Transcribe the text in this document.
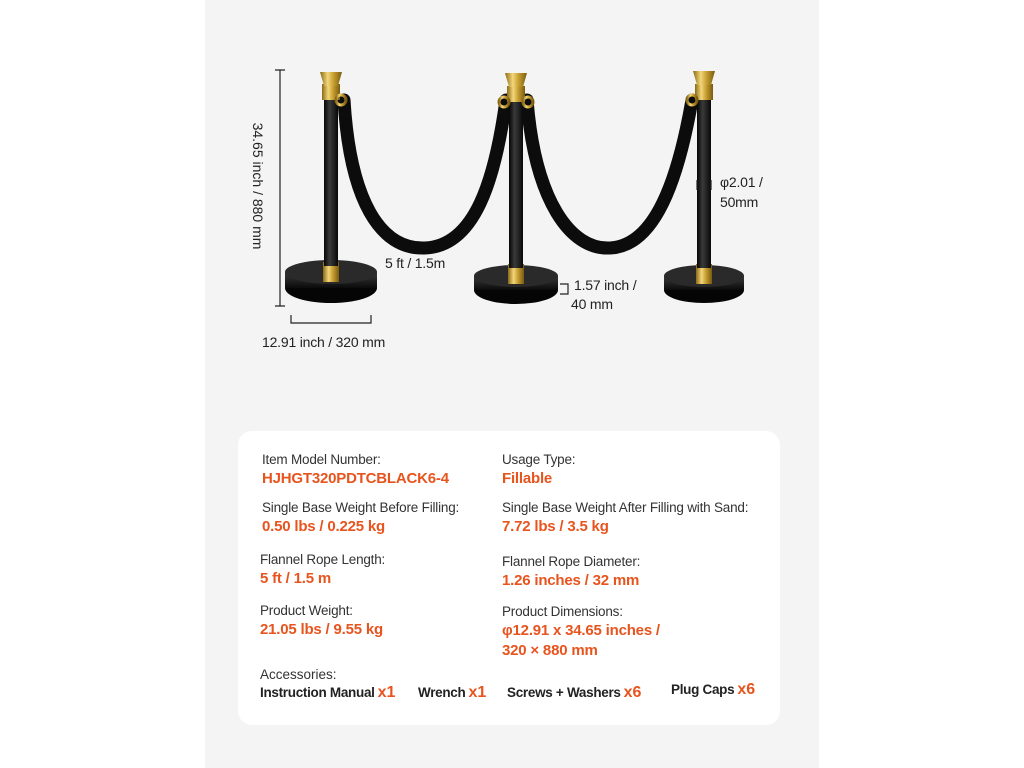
34.65 inch / 880 mm
5 ft / 1.5m
12.91 inch / 320 mm
1.57 inch /
40 mm
φ2.01 /
50mm
Item Model Number:
HJHGT320PDTCBLACK6-4
Usage Type:
Fillable
Single Base Weight Before Filling:
0.50 lbs / 0.225 kg
Single Base Weight After Filling with Sand:
7.72 lbs / 3.5 kg
Flannel Rope Length:
5 ft / 1.5 m
Flannel Rope Diameter:
1.26 inches / 32 mm
Product Weight:
21.05 lbs / 9.55 kg
Product Dimensions:
φ12.91 x 34.65 inches /
320 × 880 mm
Accessories:
Instruction Manual x1 Wrench x1 Screws + Washers x6 Plug Caps x6
